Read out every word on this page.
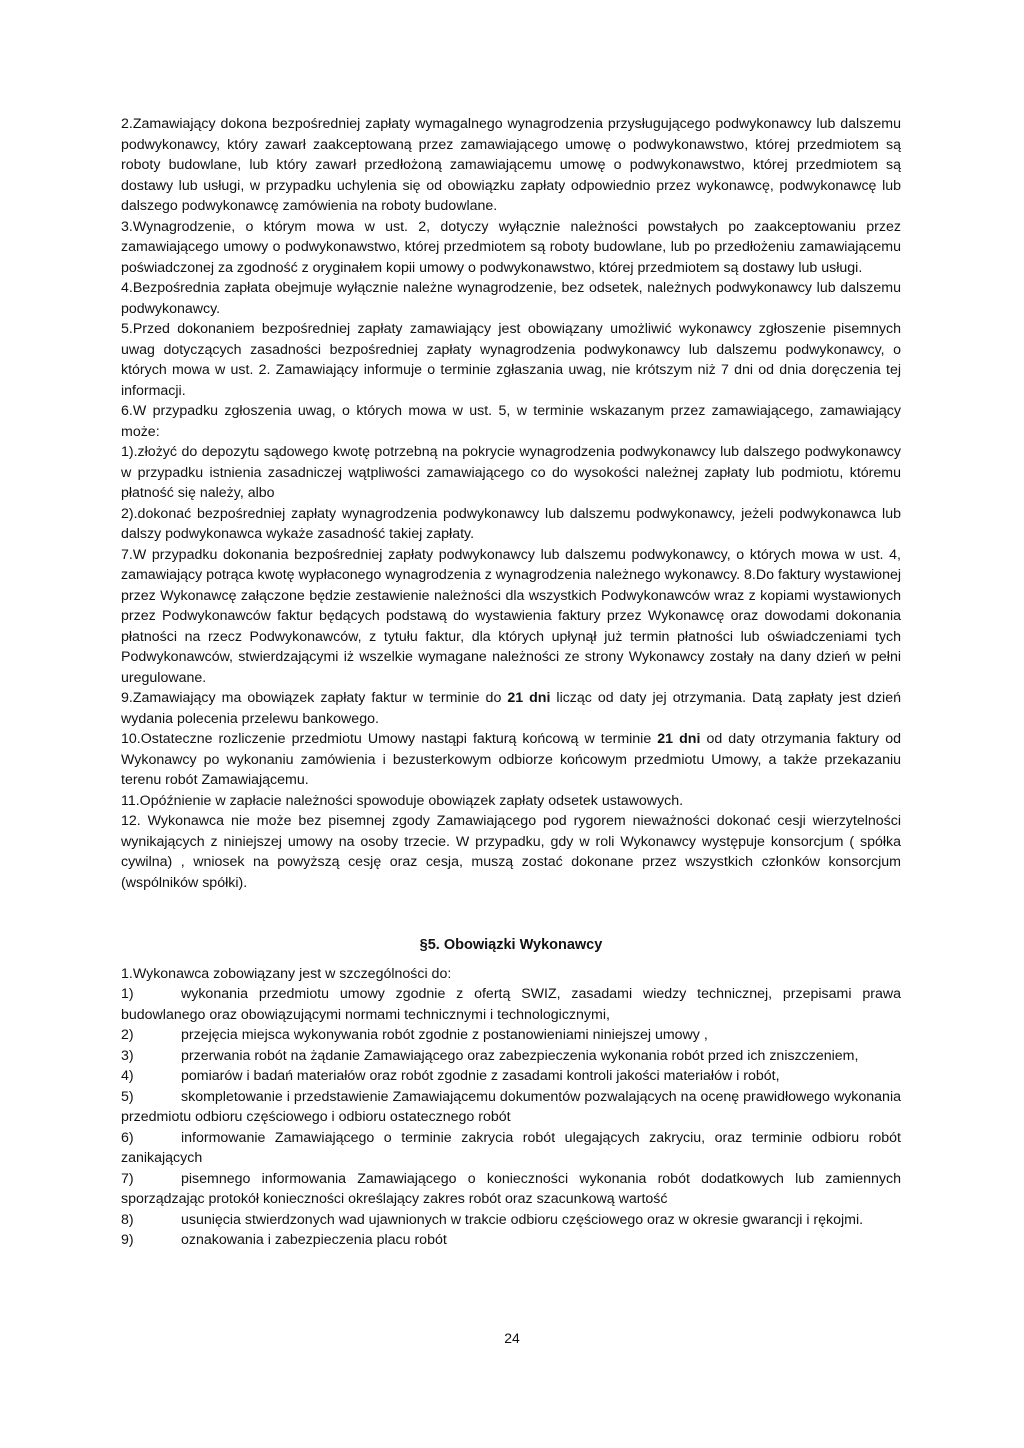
2.Zamawiający dokona bezpośredniej zapłaty wymagalnego wynagrodzenia przysługującego podwykonawcy lub dalszemu podwykonawcy, który zawarł zaakceptowaną przez zamawiającego umowę o podwykonawstwo, której przedmiotem są roboty budowlane, lub który zawarł przedłożoną zamawiającemu umowę o podwykonawstwo, której przedmiotem są dostawy lub usługi, w przypadku uchylenia się od obowiązku zapłaty odpowiednio przez wykonawcę, podwykonawcę lub dalszego podwykonawcę zamówienia na roboty budowlane.

3.Wynagrodzenie, o którym mowa w ust. 2, dotyczy wyłącznie należności powstałych po zaakceptowaniu przez zamawiającego umowy o podwykonawstwo, której przedmiotem są roboty budowlane, lub po przedłożeniu zamawiającemu poświadczonej za zgodność z oryginałem kopii umowy o podwykonawstwo, której przedmiotem są dostawy lub usługi.

4.Bezpośrednia zapłata obejmuje wyłącznie należne wynagrodzenie, bez odsetek, należnych podwykonawcy lub dalszemu podwykonawcy.

5.Przed dokonaniem bezpośredniej zapłaty zamawiający jest obowiązany umożliwić wykonawcy zgłoszenie pisemnych uwag dotyczących zasadności bezpośredniej zapłaty wynagrodzenia podwykonawcy lub dalszemu podwykonawcy, o których mowa w ust. 2. Zamawiający informuje o terminie zgłaszania uwag, nie krótszym niż 7 dni od dnia doręczenia tej informacji.

6.W przypadku zgłoszenia uwag, o których mowa w ust. 5, w terminie wskazanym przez zamawiającego, zamawiający może:

1).złożyć do depozytu sądowego kwotę potrzebną na pokrycie wynagrodzenia podwykonawcy lub dalszego podwykonawcy w przypadku istnienia zasadniczej wątpliwości zamawiającego co do wysokości należnej zapłaty lub podmiotu, któremu płatność się należy, albo

2).dokonać bezpośredniej zapłaty wynagrodzenia podwykonawcy lub dalszemu podwykonawcy, jeżeli podwykonawca lub dalszy podwykonawca wykaże zasadność takiej zapłaty.

7.W przypadku dokonania bezpośredniej zapłaty podwykonawcy lub dalszemu podwykonawcy, o których mowa w ust. 4, zamawiający potrąca kwotę wypłaconego wynagrodzenia z wynagrodzenia należnego wykonawcy. 8.Do faktury wystawionej przez Wykonawcę załączone będzie zestawienie należności dla wszystkich Podwykonawców wraz z kopiami wystawionych przez Podwykonawców faktur będących podstawą do wystawienia faktury przez Wykonawcę oraz dowodami dokonania płatności na rzecz Podwykonawców, z tytułu faktur, dla których upłynął już termin płatności lub oświadczeniami tych Podwykonawców, stwierdzającymi iż wszelkie wymagane należności ze strony Wykonawcy zostały na dany dzień w pełni uregulowane.

9.Zamawiający ma obowiązek zapłaty faktur w terminie do 21 dni licząc od daty jej otrzymania. Datą zapłaty jest dzień wydania polecenia przelewu bankowego.

10.Ostateczne rozliczenie przedmiotu Umowy nastąpi fakturą końcową w terminie 21 dni od daty otrzymania faktury od Wykonawcy po wykonaniu zamówienia i bezusterkowym odbiorze końcowym przedmiotu Umowy, a także przekazaniu terenu robót Zamawiającemu.

11.Opóźnienie w zapłacie należności spowoduje obowiązek zapłaty odsetek ustawowych.

12. Wykonawca nie może bez pisemnej zgody Zamawiającego pod rygorem nieważności dokonać cesji wierzytelności wynikających z niniejszej umowy na osoby trzecie. W przypadku, gdy w roli Wykonawcy występuje konsorcjum ( spółka cywilna) , wniosek na powyższą cesję oraz cesja, muszą zostać dokonane przez wszystkich członków konsorcjum (wspólników spółki).

§5. Obowiązki Wykonawcy

1.Wykonawca zobowiązany jest w szczególności do:

1)	wykonania przedmiotu umowy zgodnie z ofertą SWIZ, zasadami wiedzy technicznej, przepisami prawa budowlanego oraz obowiązującymi normami technicznymi i technologicznymi,
2)	przejęcia miejsca wykonywania robót zgodnie z postanowieniami niniejszej umowy ,
3)	przerwania robót na żądanie Zamawiającego oraz zabezpieczenia wykonania robót przed ich zniszczeniem,
4)	pomiarów i badań materiałów oraz robót zgodnie z zasadami kontroli jakości materiałów i robót,
5)	skompletowanie i przedstawienie Zamawiającemu dokumentów pozwalających na ocenę prawidłowego wykonania przedmiotu odbioru częściowego i odbioru ostatecznego robót
6)	informowanie Zamawiającego o terminie zakrycia robót ulegających zakryciu, oraz terminie odbioru robót zanikających
7)	pisemnego informowania Zamawiającego o konieczności wykonania robót dodatkowych lub zamiennych sporządzając protokół konieczności określający zakres robót oraz szacunkową wartość
8)	usunięcia stwierdzonych wad ujawnionych w trakcie odbioru częściowego oraz w okresie gwarancji i rękojmi.
9)	oznakowania i zabezpieczenia placu robót
24
